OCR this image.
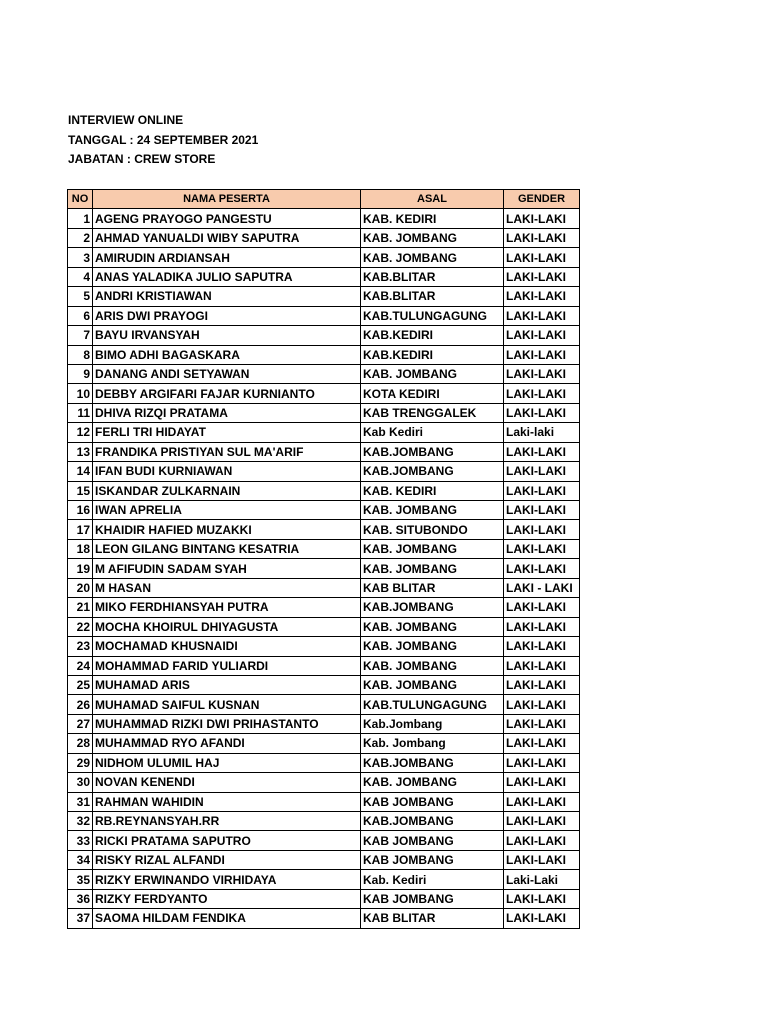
INTERVIEW ONLINE
TANGGAL : 24 SEPTEMBER 2021
JABATAN : CREW STORE
NO	NAMA PESERTA	ASAL	GENDER
1	AGENG PRAYOGO PANGESTU	KAB. KEDIRI	LAKI-LAKI
2	AHMAD YANUALDI WIBY SAPUTRA	KAB. JOMBANG	LAKI-LAKI
3	AMIRUDIN ARDIANSAH	KAB. JOMBANG	LAKI-LAKI
4	ANAS YALADIKA JULIO SAPUTRA	KAB.BLITAR	LAKI-LAKI
5	ANDRI KRISTIAWAN	KAB.BLITAR	LAKI-LAKI
6	ARIS DWI PRAYOGI	KAB.TULUNGAGUNG	LAKI-LAKI
7	BAYU IRVANSYAH	KAB.KEDIRI	LAKI-LAKI
8	BIMO ADHI BAGASKARA	KAB.KEDIRI	LAKI-LAKI
9	DANANG ANDI SETYAWAN	KAB. JOMBANG	LAKI-LAKI
10	DEBBY ARGIFARI FAJAR KURNIANTO	KOTA KEDIRI	LAKI-LAKI
11	DHIVA RIZQI PRATAMA	KAB TRENGGALEK	LAKI-LAKI
12	FERLI TRI HIDAYAT	Kab Kediri	Laki-laki
13	FRANDIKA PRISTIYAN SUL MA'ARIF	KAB.JOMBANG	LAKI-LAKI
14	IFAN BUDI KURNIAWAN	KAB.JOMBANG	LAKI-LAKI
15	ISKANDAR ZULKARNAIN	KAB. KEDIRI	LAKI-LAKI
16	IWAN APRELIA	KAB. JOMBANG	LAKI-LAKI
17	KHAIDIR HAFIED MUZAKKI	KAB. SITUBONDO	LAKI-LAKI
18	LEON GILANG BINTANG KESATRIA	KAB. JOMBANG	LAKI-LAKI
19	M AFIFUDIN SADAM SYAH	KAB. JOMBANG	LAKI-LAKI
20	M HASAN	KAB BLITAR	LAKI - LAKI
21	MIKO FERDHIANSYAH PUTRA	KAB.JOMBANG	LAKI-LAKI
22	MOCHA KHOIRUL DHIYAGUSTA	KAB. JOMBANG	LAKI-LAKI
23	MOCHAMAD KHUSNAIDI	KAB. JOMBANG	LAKI-LAKI
24	MOHAMMAD FARID YULIARDI	KAB. JOMBANG	LAKI-LAKI
25	MUHAMAD ARIS	KAB. JOMBANG	LAKI-LAKI
26	MUHAMAD SAIFUL KUSNAN	KAB.TULUNGAGUNG	LAKI-LAKI
27	MUHAMMAD RIZKI DWI PRIHASTANTO	Kab.Jombang	LAKI-LAKI
28	MUHAMMAD RYO AFANDI	Kab. Jombang	LAKI-LAKI
29	NIDHOM ULUMIL HAJ	KAB.JOMBANG	LAKI-LAKI
30	NOVAN KENENDI	KAB. JOMBANG	LAKI-LAKI
31	RAHMAN WAHIDIN	KAB JOMBANG	LAKI-LAKI
32	RB.REYNANSYAH.RR	KAB.JOMBANG	LAKI-LAKI
33	RICKI PRATAMA SAPUTRO	KAB JOMBANG	LAKI-LAKI
34	RISKY RIZAL ALFANDI	KAB JOMBANG	LAKI-LAKI
35	RIZKY ERWINANDO VIRHIDAYA	Kab. Kediri	Laki-Laki
36	RIZKY FERDYANTO	KAB JOMBANG	LAKI-LAKI
37	SAOMA HILDAM FENDIKA	KAB BLITAR	LAKI-LAKI
